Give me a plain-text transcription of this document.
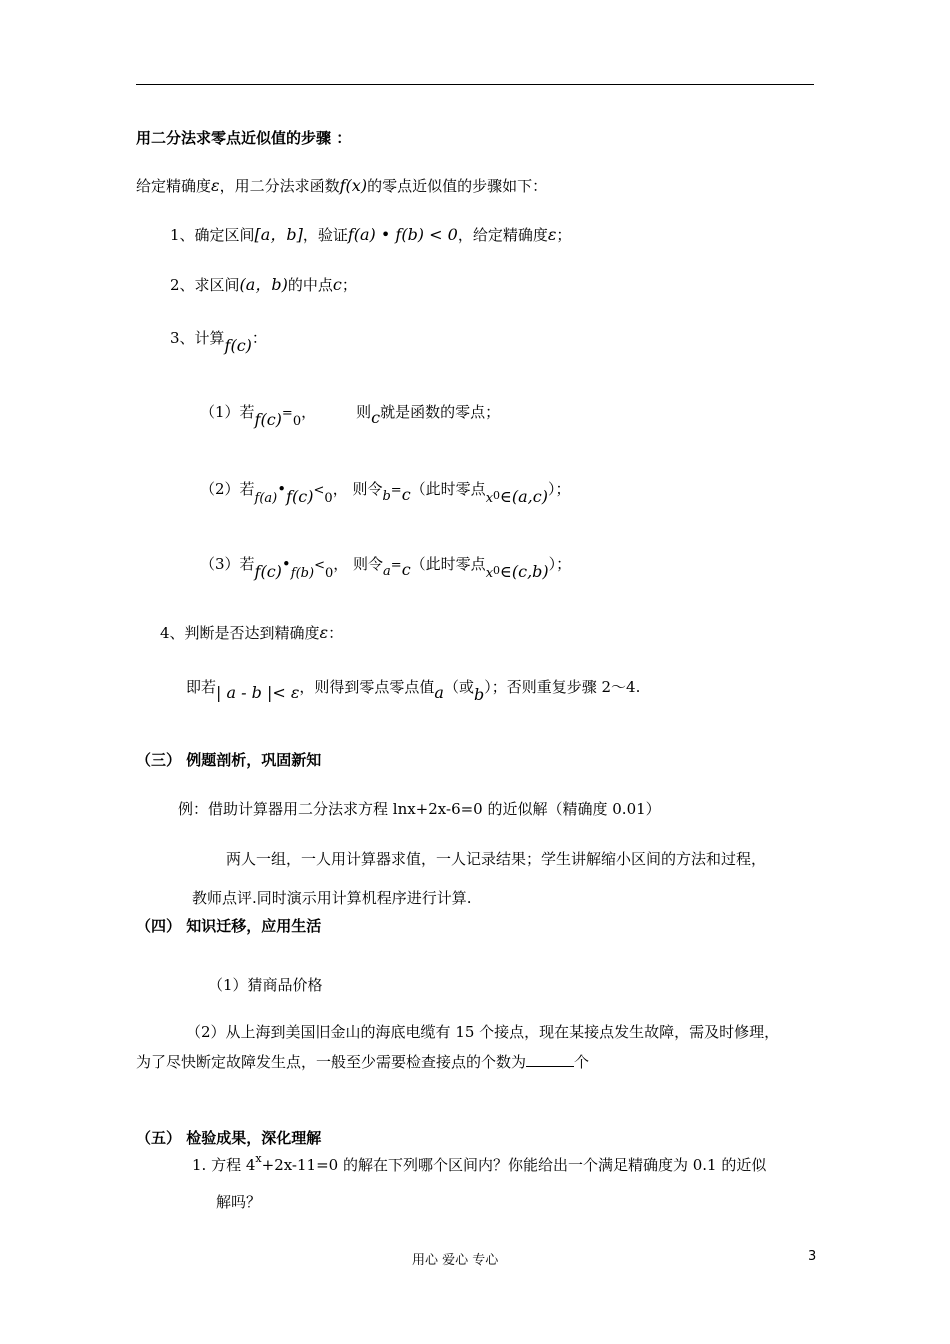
用二分法求零点近似值的步骤 ：
给定精确度ε，用二分法求函数f(x)的零点近似值的步骤如下：
1、确定区间[a，b]，验证f(a) • f(b) < 0，给定精确度ε；
2、求区间(a，b)的中点c；
3、计算f(c)：
（1）若f(c)=0，	则c就是函数的零点；
（2）若f(a)•f(c)<0， 则令b=c（此时零点$x_0\in(a,c)$）；
（3）若f(c)•f(b)<0， 则令a=c（此时零点$x_0\in(c,b)$）；
4、判断是否达到精确度ε：
即若| a - b |< ε，则得到零点零点值a（或b）；否则重复步骤 2～4.
（三） 例题剖析，巩固新知
例：借助计算器用二分法求方程 lnx+2x-6=0 的近似解（精确度 0.01）
两人一组，一人用计算器求值，一人记录结果；学生讲解缩小区间的方法和过程，
教师点评.同时演示用计算机程序进行计算.
（四） 知识迁移，应用生活
（1）猜商品价格
（2）从上海到美国旧金山的海底电缆有 15 个接点，现在某接点发生故障，需及时修理，
为了尽快断定故障发生点，一般至少需要检查接点的个数为	个
（五） 检验成果，深化理解
1. 方程 $4^x+2x-11=0$ 的解在下列哪个区间内？你能给出一个满足精确度为 0.1 的近似
解吗？
用心 爱心 专心	3
